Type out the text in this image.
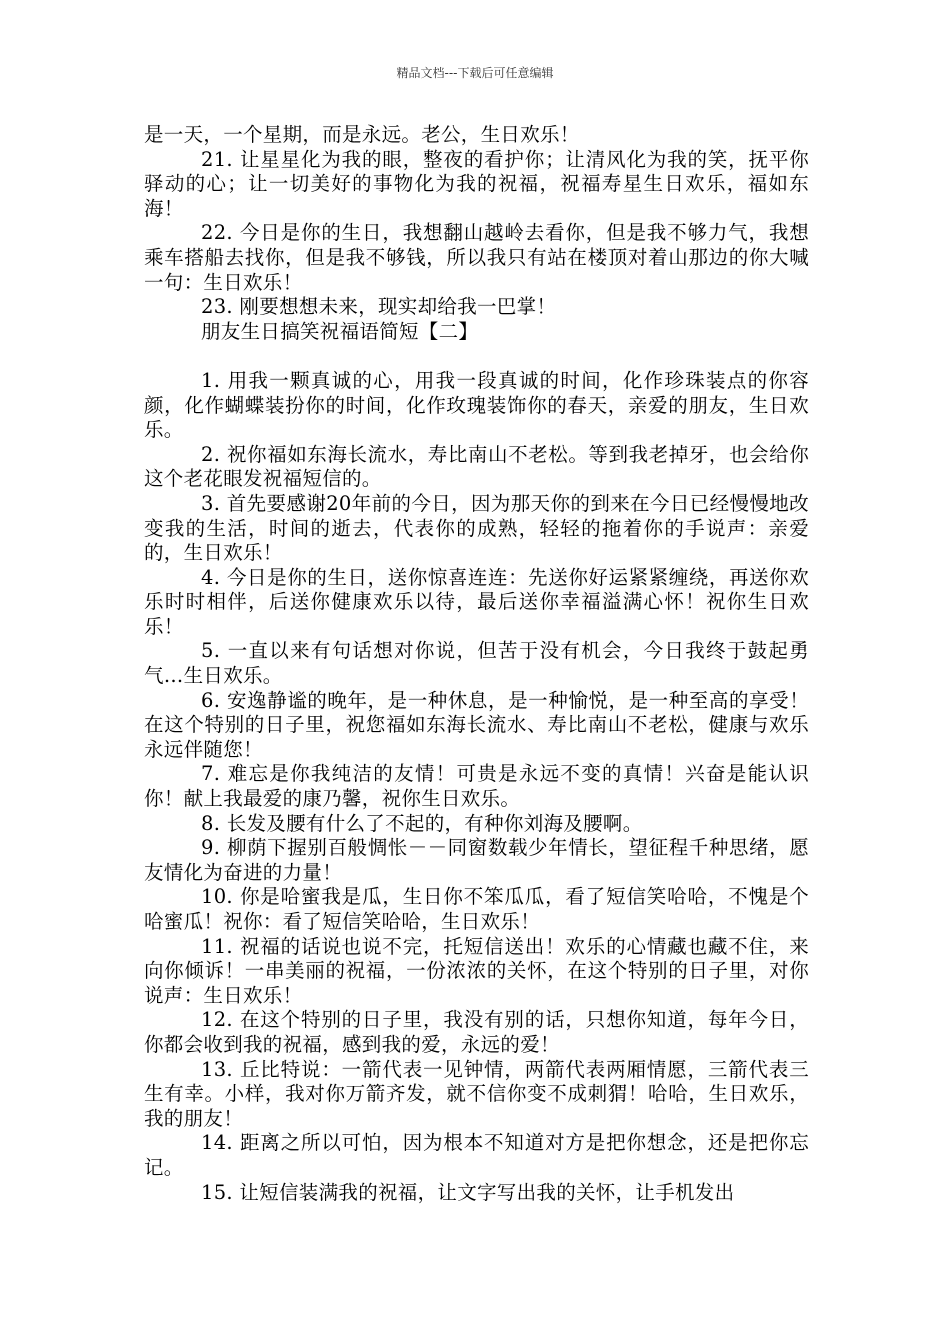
精品文档---下载后可任意编辑

是一天，一个星期，而是永远。老公，生日欢乐！

21. 让星星化为我的眼，整夜的看护你；让清风化为我的笑，抚平你驿动的心；让一切美好的事物化为我的祝福，祝福寿星生日欢乐，福如东海！

22. 今日是你的生日，我想翻山越岭去看你，但是我不够力气，我想乘车搭船去找你，但是我不够钱，所以我只有站在楼顶对着山那边的你大喊一句：生日欢乐！

23. 刚要想想未来，现实却给我一巴掌！

朋友生日搞笑祝福语简短【二】

1. 用我一颗真诚的心，用我一段真诚的时间，化作珍珠装点的你容颜，化作蝴蝶装扮你的时间，化作玫瑰装饰你的春天，亲爱的朋友，生日欢乐。

2. 祝你福如东海长流水，寿比南山不老松。等到我老掉牙，也会给你这个老花眼发祝福短信的。

3. 首先要感谢20年前的今日，因为那天你的到来在今日已经慢慢地改变我的生活，时间的逝去，代表你的成熟，轻轻的拖着你的手说声：亲爱的，生日欢乐！

4. 今日是你的生日，送你惊喜连连：先送你好运紧紧缠绕，再送你欢乐时时相伴，后送你健康欢乐以待，最后送你幸福溢满心怀！祝你生日欢乐！

5. 一直以来有句话想对你说，但苦于没有机会，今日我终于鼓起勇气…生日欢乐。

6. 安逸静谧的晚年，是一种休息，是一种愉悦，是一种至高的享受！在这个特别的日子里，祝您福如东海长流水、寿比南山不老松，健康与欢乐永远伴随您！

7. 难忘是你我纯洁的友情！可贵是永远不变的真情！兴奋是能认识你！献上我最爱的康乃馨，祝你生日欢乐。

8. 长发及腰有什么了不起的，有种你刘海及腰啊。

9. 柳荫下握别百般惆怅－－同窗数载少年情长，望征程千种思绪，愿友情化为奋进的力量！

10. 你是哈蜜我是瓜，生日你不笨瓜瓜，看了短信笑哈哈，不愧是个哈蜜瓜！祝你：看了短信笑哈哈，生日欢乐！

11. 祝福的话说也说不完，托短信送出！欢乐的心情藏也藏不住，来向你倾诉！一串美丽的祝福，一份浓浓的关怀，在这个特别的日子里，对你说声：生日欢乐！

12. 在这个特别的日子里，我没有别的话，只想你知道，每年今日，你都会收到我的祝福，感到我的爱，永远的爱！

13. 丘比特说：一箭代表一见钟情，两箭代表两厢情愿，三箭代表三生有幸。小样，我对你万箭齐发，就不信你变不成刺猬！哈哈，生日欢乐，我的朋友！

14. 距离之所以可怕，因为根本不知道对方是把你想念，还是把你忘记。

15. 让短信装满我的祝福，让文字写出我的关怀，让手机发出
